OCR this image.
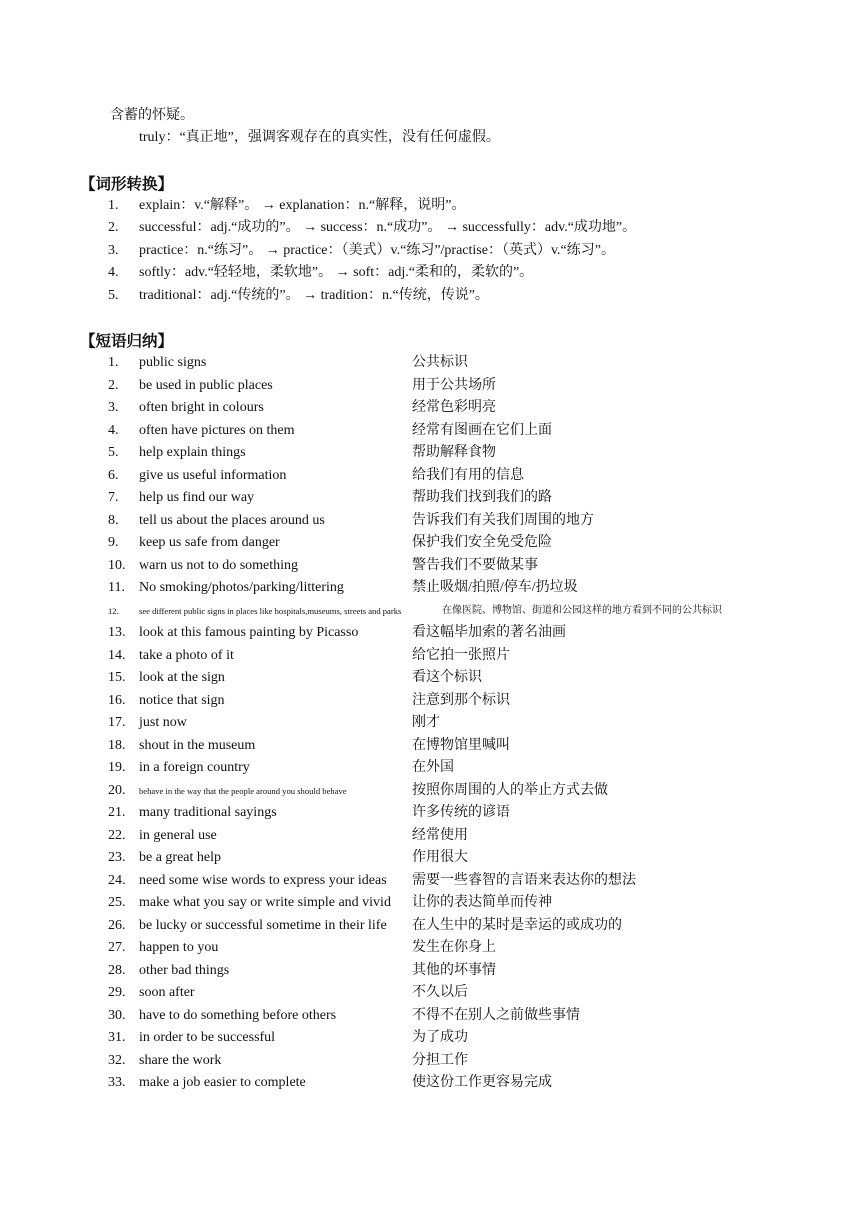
含蓄的怀疑。
truly：“真正地”，强调客观存在的真实性，没有任何虚假。
【词形转换】
1. explain：v.“解释”。 → explanation：n.“解释，说明”。
2. successful：adj.“成功的”。 → success：n.“成功”。 → successfully：adv.“成功地”。
3. practice：n.“练习”。 → practice：（美式）v.“练习”/practise：（英式）v.“练习”。
4. softly：adv.“轻轻地，柔软地”。 → soft：adj.“柔和的，柔软的”。
5. traditional：adj.“传统的”。 → tradition：n.“传统，传说”。
【短语归纳】
1. public signs	公共标识
2. be used in public places	用于公共场所
3. often bright in colours	经常色彩明亮
4. often have pictures on them	经常有图画在它们上面
5. help explain things	帮助解释食物
6. give us useful information	给我们有用的信息
7. help us find our way	帮助我们找到我们的路
8. tell us about the places around us	告诉我们有关我们周围的地方
9. keep us safe from danger	保护我们安全免受危险
10. warn us not to do something	警告我们不要做某事
11. No smoking/photos/parking/littering	禁止吸烟/拍照/停车/扔垃圾
12. see different public signs in places like hospitals,museums, streets and parks	在像医院、博物馆、街道和公园这样的地方看到不同的公共标识
13. look at this famous painting by Picasso	看这幅毕加索的著名油画
14. take a photo of it	给它拍一张照片
15. look at the sign	看这个标识
16. notice that sign	注意到那个标识
17. just now	刚才
18. shout in the museum	在博物馆里喊叫
19. in a foreign country	在外国
20. behave in the way that the people around you should behave	按照你周围的人的举止方式去做
21. many traditional sayings	许多传统的谚语
22. in general use	经常使用
23. be a great help	作用很大
24. need some wise words to express your ideas 需要一些睿智的言语来表达你的想法
25. make what you say or write simple and vivid 让你的表达简单而传神
26. be lucky or successful sometime in their life 在人生中的某时是幸运的或成功的
27. happen to you	发生在你身上
28. other bad things	其他的坏事情
29. soon after	不久以后
30. have to do something before others	不得不在别人之前做些事情
31. in order to be successful	为了成功
32. share the work	分担工作
33. make a job easier to complete	使这份工作更容易完成
